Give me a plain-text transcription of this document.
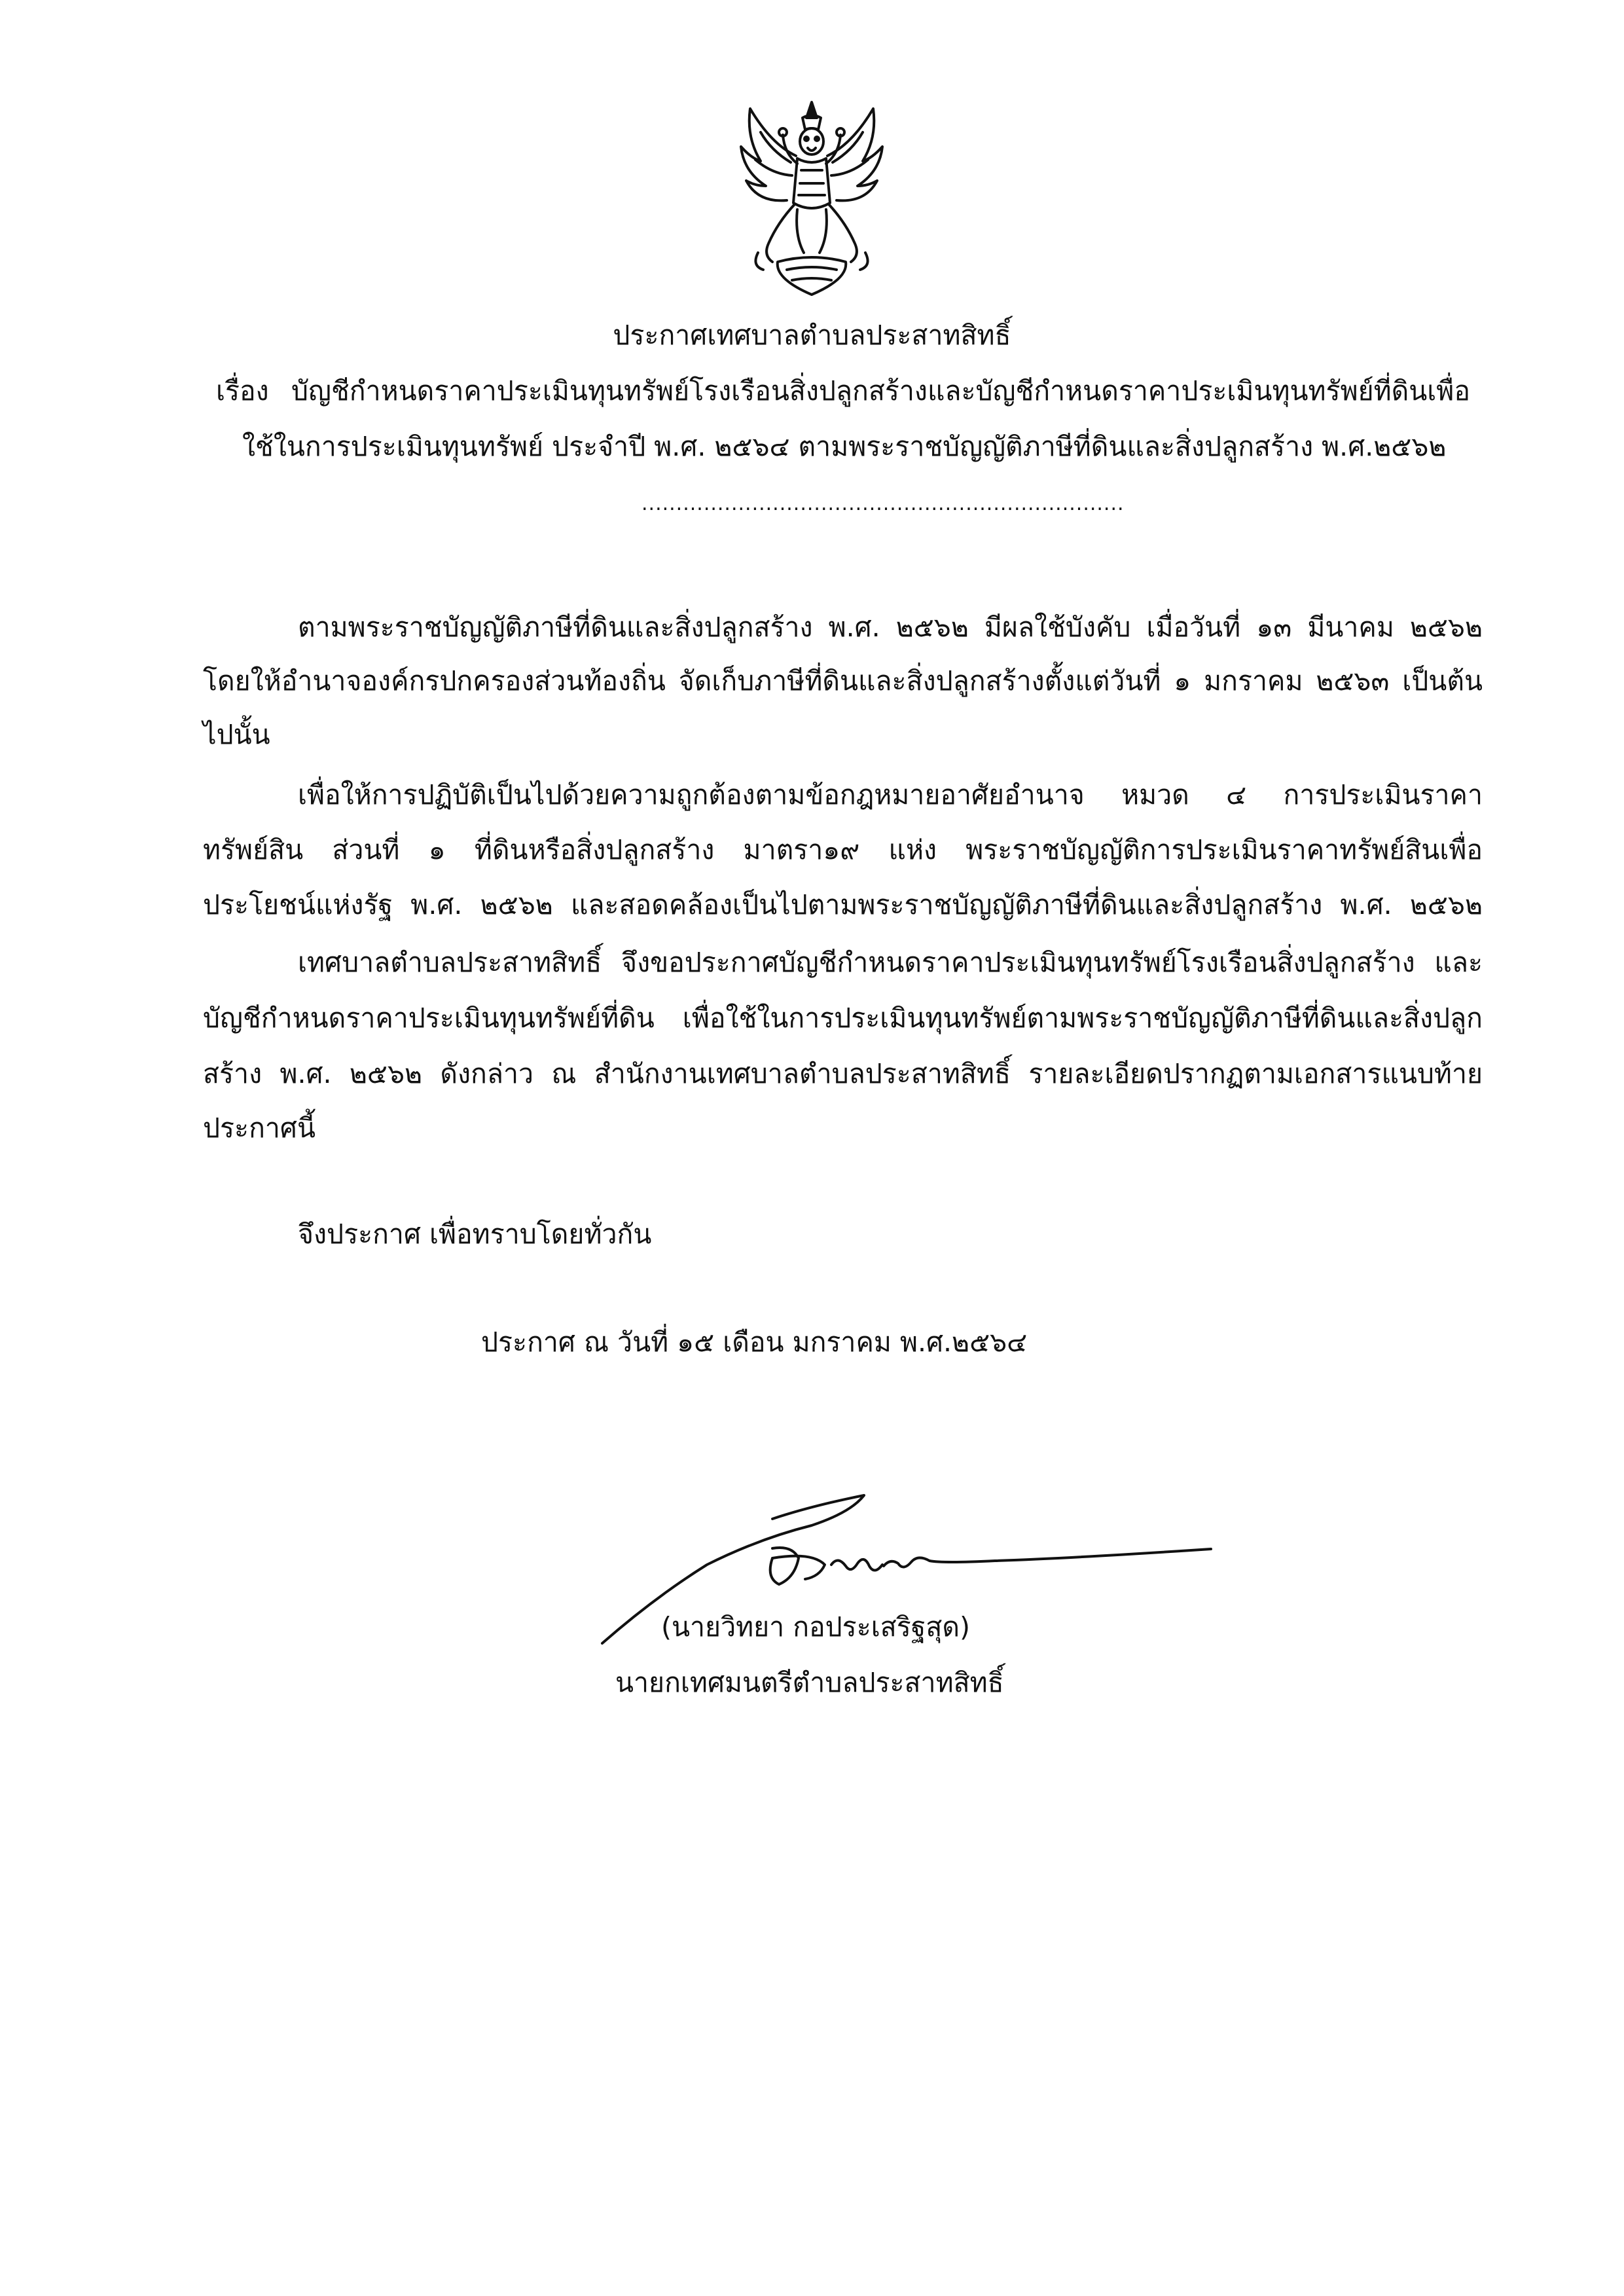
ประกาศเทศบาลตำบลประสาทสิทธิ์
เรื่อง บัญชีกำหนดราคาประเมินทุนทรัพย์โรงเรือนสิ่งปลูกสร้างและบัญชีกำหนดราคาประเมินทุนทรัพย์ที่ดินเพื่อ
ใช้ในการประเมินทุนทรัพย์ ประจำปี พ.ศ. ๒๕๖๔ ตามพระราชบัญญัติภาษีที่ดินและสิ่งปลูกสร้าง พ.ศ.๒๕๖๒
......................................................................
ตามพระราชบัญญัติภาษีที่ดินและสิ่งปลูกสร้าง พ.ศ. ๒๕๖๒ มีผลใช้บังคับ เมื่อวันที่ ๑๓ มีนาคม ๒๕๖๒
โดยให้อำนาจองค์กรปกครองส่วนท้องถิ่น จัดเก็บภาษีที่ดินและสิ่งปลูกสร้างตั้งแต่วันที่ ๑ มกราคม ๒๕๖๓ เป็นต้น
ไปนั้น
เพื่อให้การปฏิบัติเป็นไปด้วยความถูกต้องตามข้อกฎหมายอาศัยอำนาจ หมวด ๔ การประเมินราคา
ทรัพย์สิน ส่วนที่ ๑ ที่ดินหรือสิ่งปลูกสร้าง มาตรา๑๙ แห่ง พระราชบัญญัติการประเมินราคาทรัพย์สินเพื่อ
ประโยชน์แห่งรัฐ พ.ศ. ๒๕๖๒ และสอดคล้องเป็นไปตามพระราชบัญญัติภาษีที่ดินและสิ่งปลูกสร้าง พ.ศ. ๒๕๖๒
เทศบาลตำบลประสาทสิทธิ์ จึงขอประกาศบัญชีกำหนดราคาประเมินทุนทรัพย์โรงเรือนสิ่งปลูกสร้าง และ
บัญชีกำหนดราคาประเมินทุนทรัพย์ที่ดิน เพื่อใช้ในการประเมินทุนทรัพย์ตามพระราชบัญญัติภาษีที่ดินและสิ่งปลูก
สร้าง พ.ศ. ๒๕๖๒ ดังกล่าว ณ สำนักงานเทศบาลตำบลประสาทสิทธิ์ รายละเอียดปรากฏตามเอกสารแนบท้าย
ประกาศนี้
จึงประกาศ เพื่อทราบโดยทั่วกัน
ประกาศ ณ วันที่ ๑๕ เดือน มกราคม พ.ศ.๒๕๖๔
(นายวิทยา กอประเสริฐสุด)
นายกเทศมนตรีตำบลประสาทสิทธิ์
